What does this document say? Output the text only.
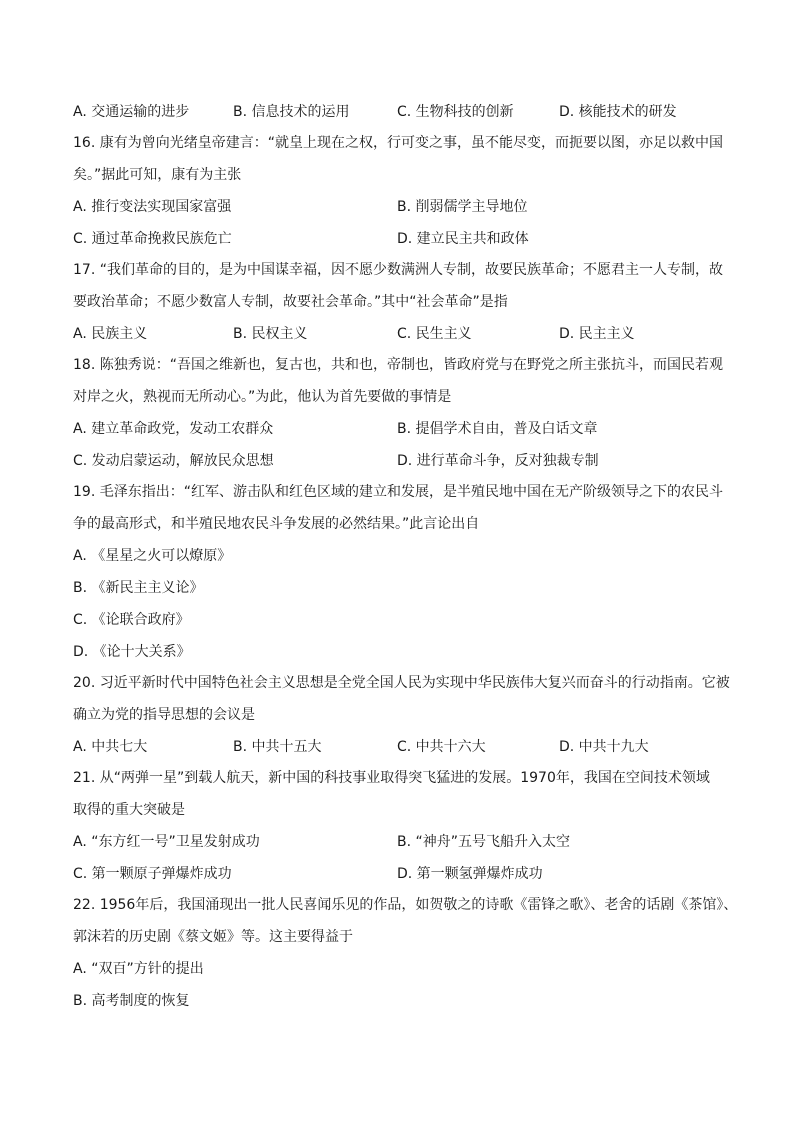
A. 交通运输的进步	B. 信息技术的运用	C. 生物科技的创新	D. 核能技术的研发
16. 康有为曾向光绪皇帝建言：“就皇上现在之权，行可变之事，虽不能尽变，而扼要以图，亦足以救中国
矣。”据此可知，康有为主张
A. 推行变法实现国家富强	B. 削弱儒学主导地位
C. 通过革命挽救民族危亡	D. 建立民主共和政体
17. “我们革命的目的，是为中国谋幸福，因不愿少数满洲人专制，故要民族革命；不愿君主一人专制，故
要政治革命；不愿少数富人专制，故要社会革命。”其中“社会革命”是指
A. 民族主义	B. 民权主义	C. 民生主义	D. 民主主义
18. 陈独秀说：“吾国之维新也，复古也，共和也，帝制也，皆政府党与在野党之所主张抗斗，而国民若观
对岸之火，熟视而无所动心。”为此，他认为首先要做的事情是
A. 建立革命政党，发动工农群众	B. 提倡学术自由，普及白话文章
C. 发动启蒙运动，解放民众思想	D. 进行革命斗争，反对独裁专制
19. 毛泽东指出：“红军、游击队和红色区域的建立和发展，是半殖民地中国在无产阶级领导之下的农民斗
争的最高形式，和半殖民地农民斗争发展的必然结果。”此言论出自
A. 《星星之火可以燎原》
B. 《新民主主义论》
C. 《论联合政府》
D. 《论十大关系》
20. 习近平新时代中国特色社会主义思想是全党全国人民为实现中华民族伟大复兴而奋斗的行动指南。它被
确立为党的指导思想的会议是
A. 中共七大	B. 中共十五大	C. 中共十六大	D. 中共十九大
21. 从“两弹一星”到载人航天，新中国的科技事业取得突飞猛进的发展。1970年，我国在空间技术领域
取得的重大突破是
A. “东方红一号”卫星发射成功	B. “神舟”五号飞船升入太空
C. 第一颗原子弹爆炸成功	D. 第一颗氢弹爆炸成功
22. 1956年后，我国涌现出一批人民喜闻乐见的作品，如贺敬之的诗歌《雷锋之歌》、老舍的话剧《茶馆》、
郭沫若的历史剧《蔡文姬》等。这主要得益于
A. “双百”方针的提出
B. 高考制度的恢复
